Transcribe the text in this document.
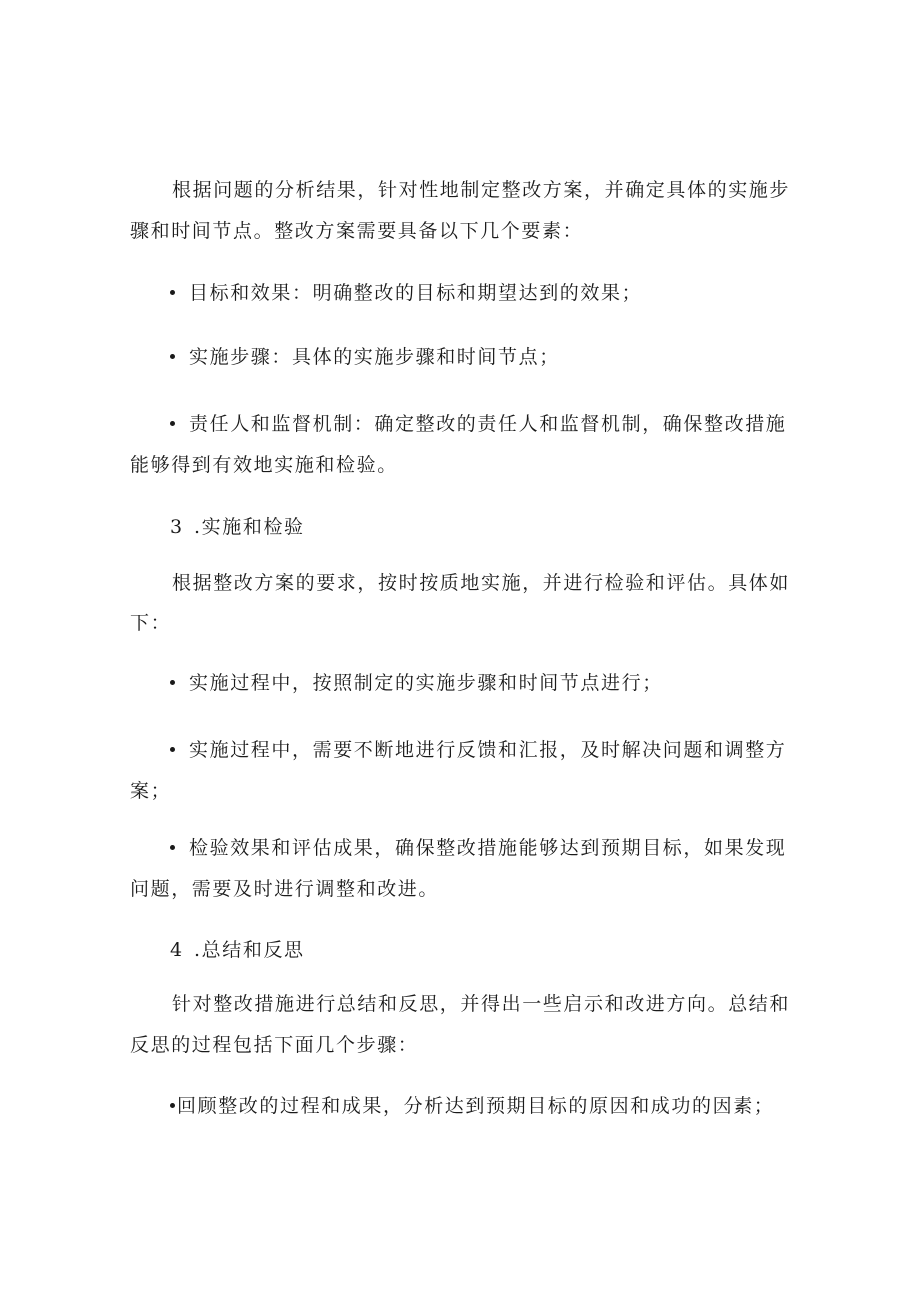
根据问题的分析结果，针对性地制定整改方案，并确定具体的实施步
骤和时间节点。整改方案需要具备以下几个要素：
目标和效果：明确整改的目标和期望达到的效果；
实施步骤：具体的实施步骤和时间节点；
责任人和监督机制：确定整改的责任人和监督机制，确保整改措施
能够得到有效地实施和检验。
3 .实施和检验
根据整改方案的要求，按时按质地实施，并进行检验和评估。具体如
下：
实施过程中，按照制定的实施步骤和时间节点进行；
实施过程中，需要不断地进行反馈和汇报，及时解决问题和调整方
案；
检验效果和评估成果，确保整改措施能够达到预期目标，如果发现
问题，需要及时进行调整和改进。
4 .总结和反思
针对整改措施进行总结和反思，并得出一些启示和改进方向。总结和
反思的过程包括下面几个步骤：
回顾整改的过程和成果，分析达到预期目标的原因和成功的因素；
